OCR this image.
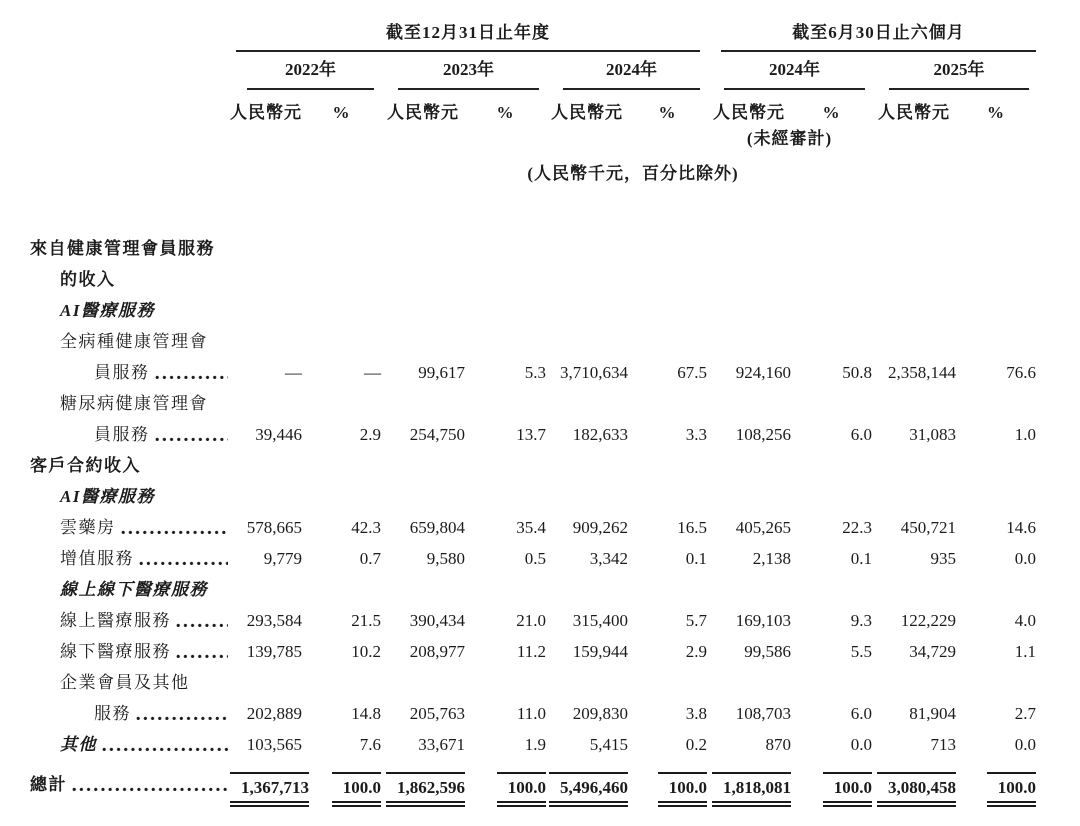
	截至12月31日止年度						截至6月30日止六個月			

	2022年		2023年		2024年		2024年		2025年	

	人民幣元	%	人民幣元	%	人民幣元	%	人民幣元	%	人民幣元	%
							(未經審計)			
	(人民幣千元，百分比除外)									

來自健康管理會員服務

的收入

AI醫療服務

全病種健康管理會

員服務	—	—	99,617	5.3	3,710,634	67.5	924,160	50.8	2,358,144	76.6

糖尿病健康管理會

員服務	39,446	2.9	254,750	13.7	182,633	3.3	108,256	6.0	31,083	1.0

客戶合約收入

AI醫療服務

雲藥房	578,665	42.3	659,804	35.4	909,262	16.5	405,265	22.3	450,721	14.6

增值服務	9,779	0.7	9,580	0.5	3,342	0.1	2,138	0.1	935	0.0

線上線下醫療服務

線上醫療服務	293,584	21.5	390,434	21.0	315,400	5.7	169,103	9.3	122,229	4.0

線下醫療服務	139,785	10.2	208,977	11.2	159,944	2.9	99,586	5.5	34,729	1.1

企業會員及其他

服務	202,889	14.8	205,763	11.0	209,830	3.8	108,703	6.0	81,904	2.7

其他	103,565	7.6	33,671	1.9	5,415	0.2	870	0.0	713	0.0

總計	1,367,713	100.0	1,862,596	100.0	5,496,460	100.0	1,818,081	100.0	3,080,458	100.0
